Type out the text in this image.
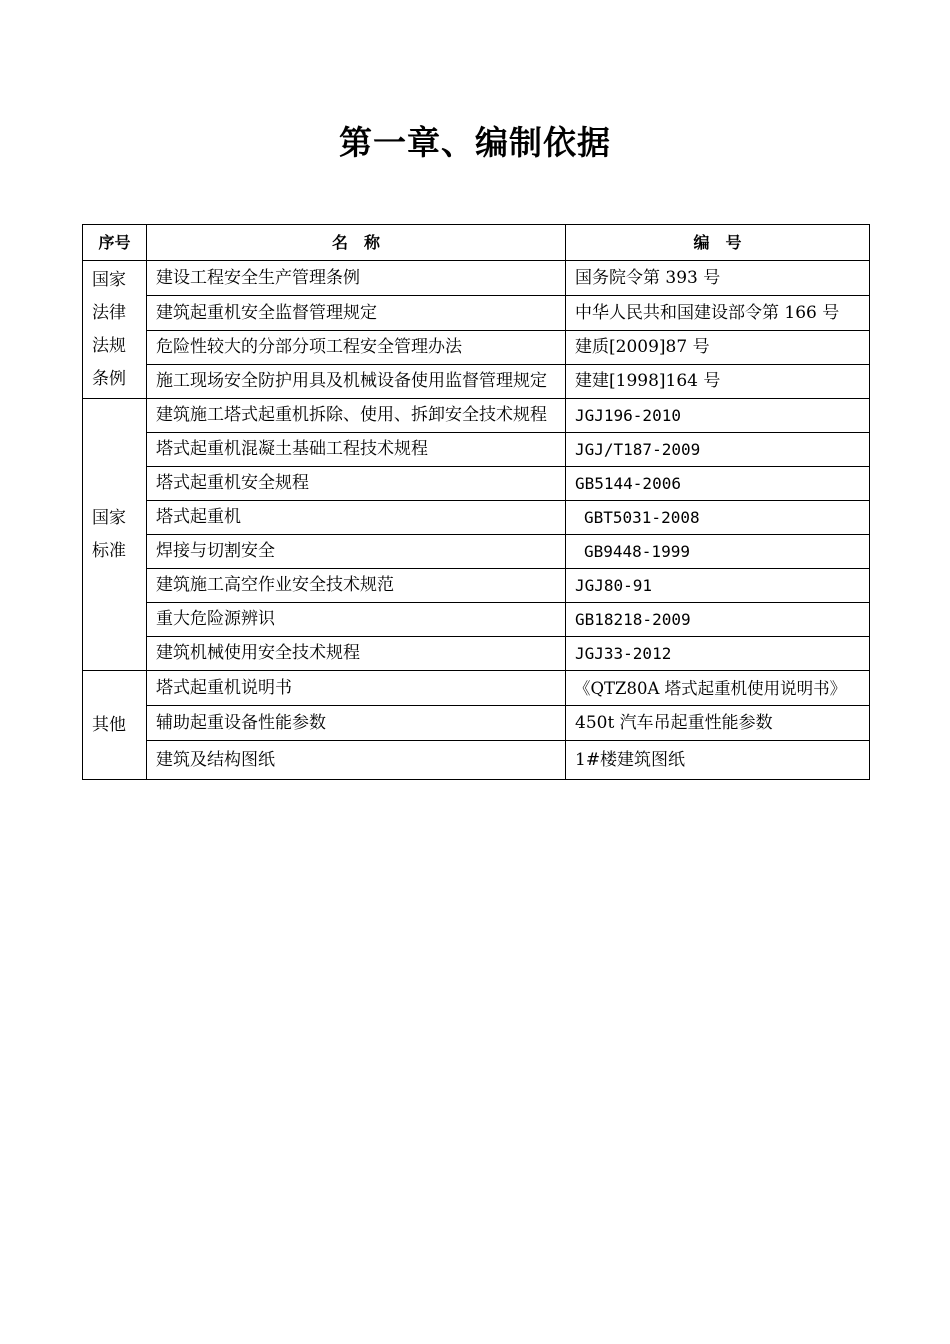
第一章、编制依据
序号	名　称	编　号
国家法律法规条例	建设工程安全生产管理条例	国务院令第 393 号
	建筑起重机安全监督管理规定	中华人民共和国建设部令第 166 号
	危险性较大的分部分项工程安全管理办法	建质[2009]87 号
	施工现场安全防护用具及机械设备使用监督管理规定	建建[1998]164 号
国家标准	建筑施工塔式起重机拆除、使用、拆卸安全技术规程	JGJ196-2010
	塔式起重机混凝土基础工程技术规程	JGJ/T187-2009
	塔式起重机安全规程	GB5144-2006
	塔式起重机	GBT5031-2008
	焊接与切割安全	GB9448-1999
	建筑施工高空作业安全技术规范	JGJ80-91
	重大危险源辨识	GB18218-2009
	建筑机械使用安全技术规程	JGJ33-2012
其他	塔式起重机说明书	《QTZ80A 塔式起重机使用说明书》
	辅助起重设备性能参数	450t 汽车吊起重性能参数
	建筑及结构图纸	1#楼建筑图纸
